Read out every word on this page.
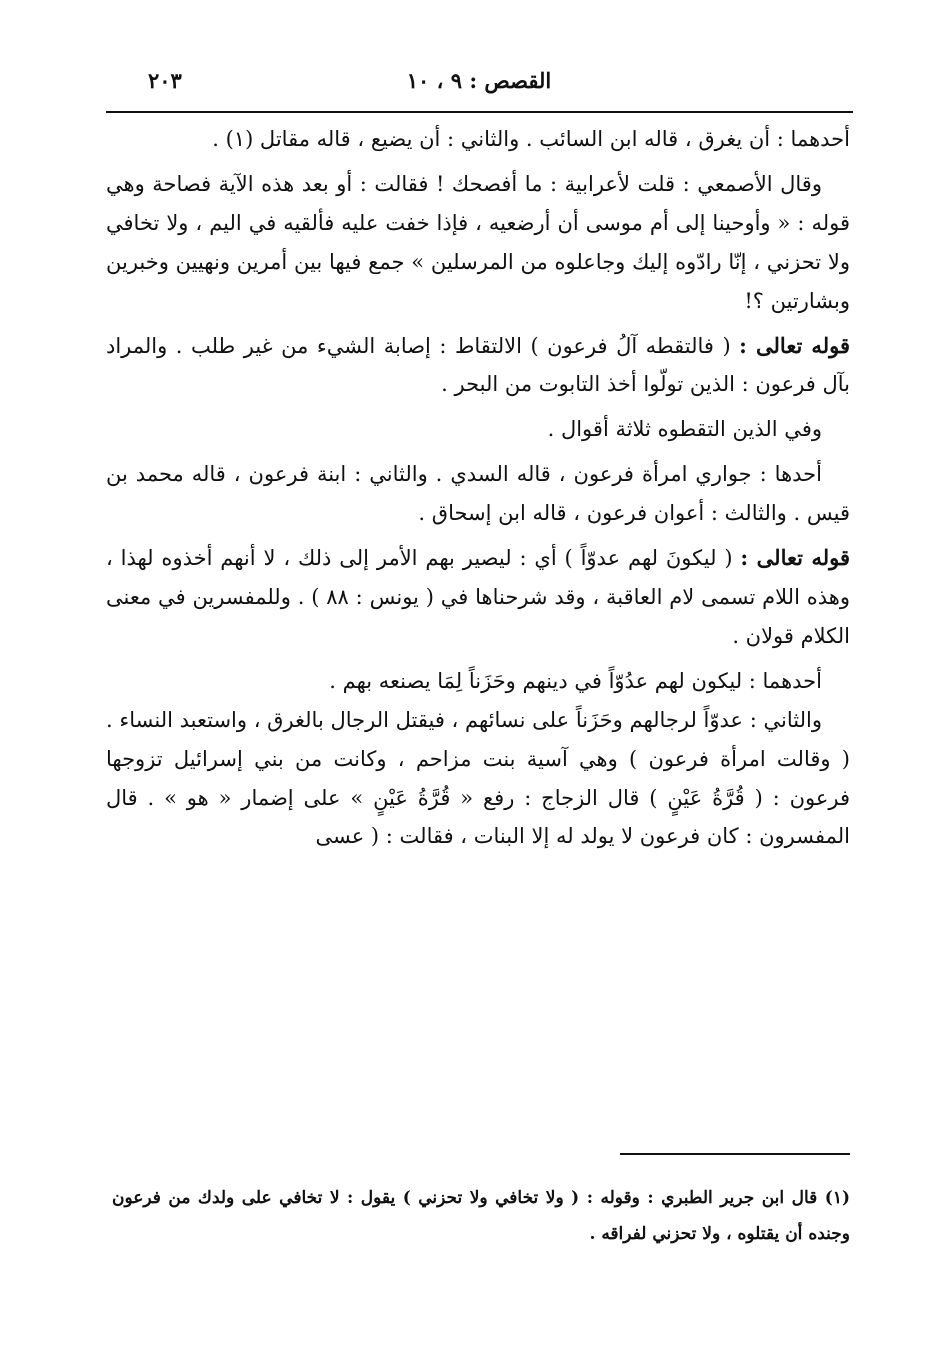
القصص : ٩ ، ١٠
٢٠٣

أحدهما : أن يغرق ، قاله ابن السائب . والثاني : أن يضيع ، قاله مقاتل (١) .

وقال الأصمعي : قلت لأعرابية : ما أفصحك ! فقالت : أو بعد هذه الآية فصاحة وهي قوله : « وأوحينا إلى أم موسى أن أرضعيه ، فإذا خفت عليه فألقيه في اليم ، ولا تخافي ولا تحزني ، إنّا رادّوه إليك وجاعلوه من المرسلين » جمع فيها بين أمرين ونهيين وخبرين وبشارتين ؟!

قوله تعالى : ( فالتقطه آلُ فرعون ) الالتقاط : إصابة الشيء من غير طلب . والمراد بآل فرعون : الذين تولّوا أخذ التابوت من البحر .

وفي الذين التقطوه ثلاثة أقوال .

أحدها : جواري امرأة فرعون ، قاله السدي . والثاني : ابنة فرعون ، قاله محمد بن قيس . والثالث : أعوان فرعون ، قاله ابن إسحاق .

قوله تعالى : ( ليكونَ لهم عدوّاً ) أي : ليصير بهم الأمر إلى ذلك ، لا أنهم أخذوه لهذا ، وهذه اللام تسمى لام العاقبة ، وقد شرحناها في ( يونس : ٨٨ ) . وللمفسرين في معنى الكلام قولان .

أحدهما : ليكون لهم عدُوّاً في دينهم وحَزَناً لِمَا يصنعه بهم .

والثاني : عدوّاً لرجالهم وحَزَناً على نسائهم ، فيقتل الرجال بالغرق ، واستعبد النساء . ( وقالت امرأة فرعون ) وهي آسية بنت مزاحم ، وكانت من بني إسرائيل تزوجها فرعون : ( قُرَّةُ عَيْنٍ ) قال الزجاج : رفع « قُرَّةُ عَيْنٍ » على إضمار « هو » . قال المفسرون : كان فرعون لا يولد له إلا البنات ، فقالت : ( عسى

(١) قال ابن جرير الطبري : وقوله : ( ولا تخافي ولا تحزني ) يقول : لا تخافي على ولدك من فرعون وجنده أن يقتلوه ، ولا تحزني لفراقه .
